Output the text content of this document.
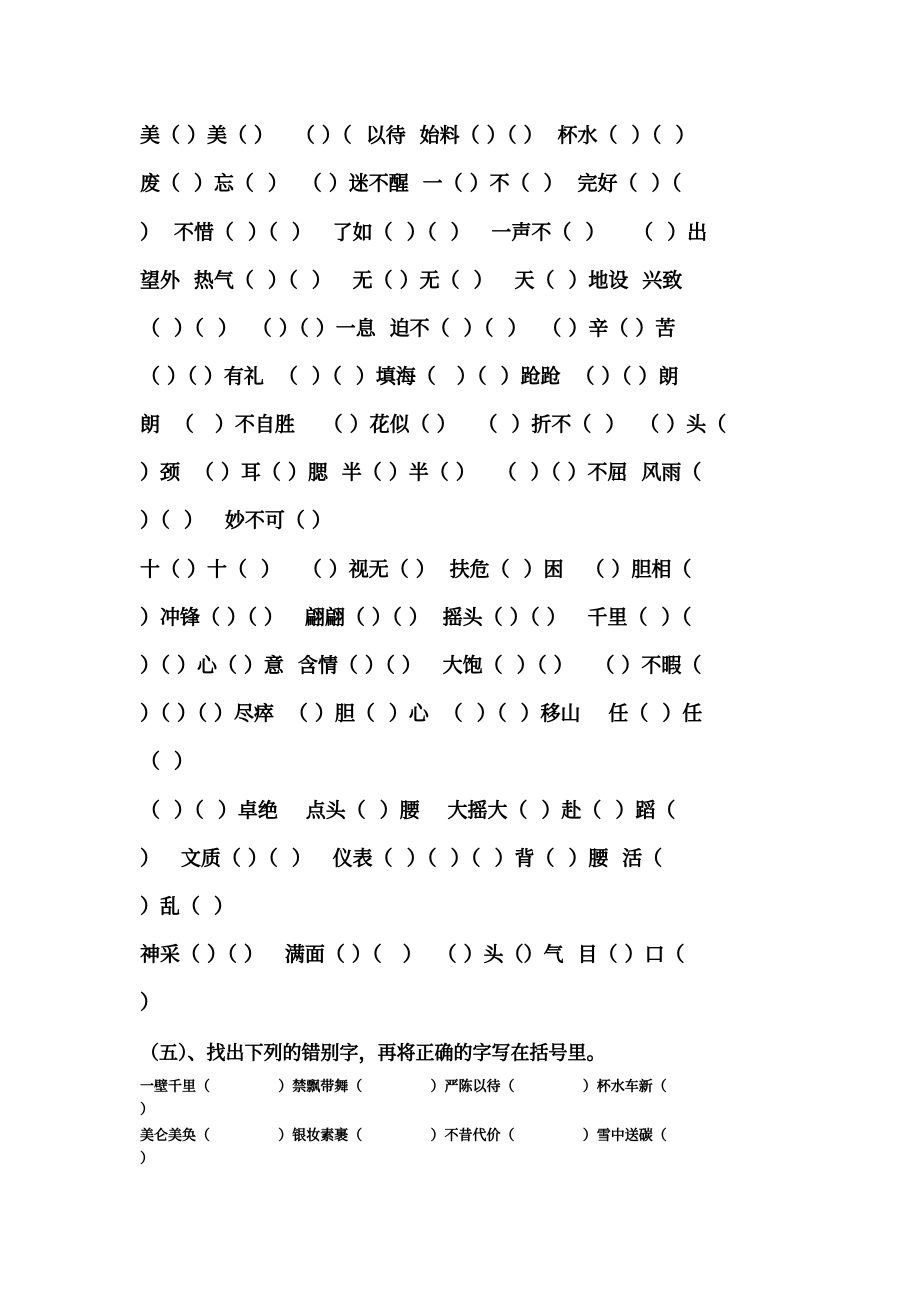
美（ ）美（ ）   （ ）（  以待  始料（ ）（ ）  杯水（  ）（  ）
废（  ）忘（  ）  （ ）迷不醒  一（ ）不（  ）  完好（  ）（
）  不惜（  ）（  ）   了如（  ）（  ）   一声不（  ）    （  ）出
望外  热气（  ）（  ）   无（ ）无（  ）   天（  ）地设  兴致
（  ）（  ）  （ ）（ ）一息  迫不（  ）（  ）  （ ）辛（ ）苦
（ ）（ ）有礼  （  ）（  ）填海（   ）（  ）跄跄  （ ）（ ）朗
朗  （   ）不自胜    （ ）花似（ ）   （  ）折不（  ）  （ ）头（
）颈  （ ）耳（ ）腮  半（ ）半（ ）   （  ）（ ）不屈  风雨（
）（  ）   妙不可（ ）
十（ ）十（  ）   （ ）视无（ ）  扶危（  ）困   （ ）胆相（
）冲锋（ ）（ ）   翩翩（ ）（ ）  摇头（ ）（ ）   千里（  ）（
）（ ）心（ ）意  含情（ ）（ ）   大饱（  ）（ ）   （ ）不暇（
）（ ）（ ）尽瘁  （ ）胆（  ）心  （  ）（  ）移山    任（  ）任
（  ）
（  ）（  ）卓绝    点头（  ）腰    大摇大（  ）赴（  ）蹈（
）   文质（ ）（  ）   仪表（  ）（  ）（  ）背（  ）腰  活（
）乱（  ）
神采（ ）（ ）   满面（ ）（   ）  （ ）头（）气  目（ ）口（
）
（五）、找出下列的错别字，再将正确的字写在括号里。
一壁千里（              ）禁飘带舞（              ）严陈以待（              ）杯水车新（
）
美仑美奂（              ）银妆素裹（              ）不昔代价（              ）雪中送碳（
）
